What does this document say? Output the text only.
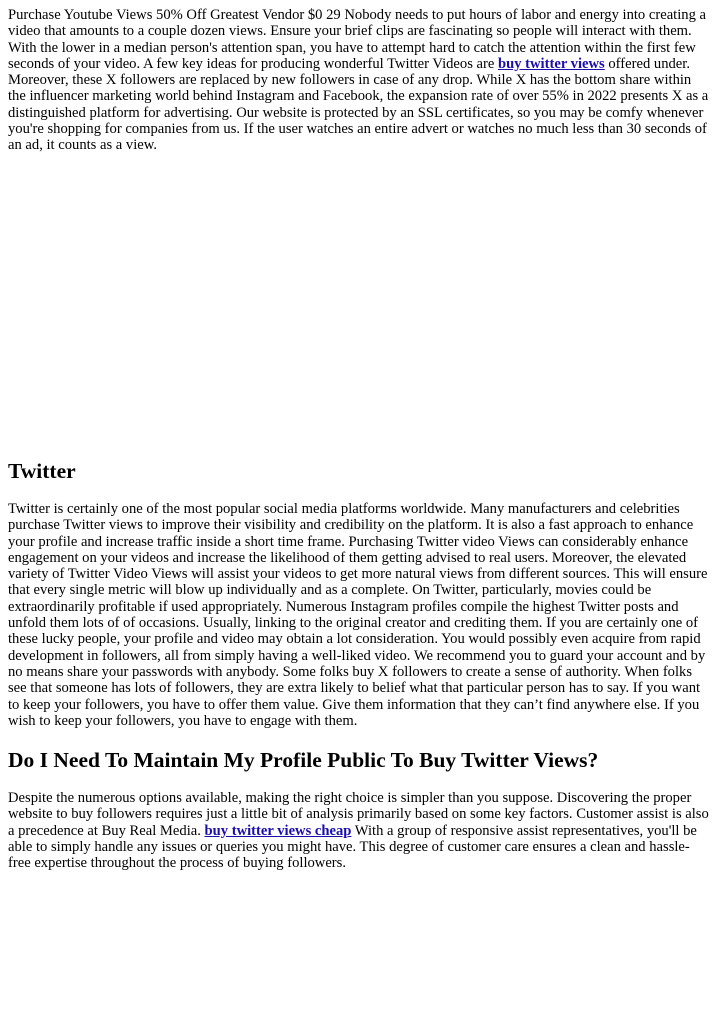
Purchase Youtube Views 50% Off Greatest Vendor $0 29 Nobody needs to put hours of labor and energy into creating a video that amounts to a couple dozen views. Ensure your brief clips are fascinating so people will interact with them. With the lower in a median person's attention span, you have to attempt hard to catch the attention within the first few seconds of your video. A few key ideas for producing wonderful Twitter Videos are buy twitter views offered under. Moreover, these X followers are replaced by new followers in case of any drop. While X has the bottom share within the influencer marketing world behind Instagram and Facebook, the expansion rate of over 55% in 2022 presents X as a distinguished platform for advertising. Our website is protected by an SSL certificates, so you may be comfy whenever you're shopping for companies from us. If the user watches an entire advert or watches no much less than 30 seconds of an ad, it counts as a view.

Twitter

Twitter is certainly one of the most popular social media platforms worldwide. Many manufacturers and celebrities purchase Twitter views to improve their visibility and credibility on the platform. It is also a fast approach to enhance your profile and increase traffic inside a short time frame. Purchasing Twitter video Views can considerably enhance engagement on your videos and increase the likelihood of them getting advised to real users. Moreover, the elevated variety of Twitter Video Views will assist your videos to get more natural views from different sources. This will ensure that every single metric will blow up individually and as a complete. On Twitter, particularly, movies could be extraordinarily profitable if used appropriately. Numerous Instagram profiles compile the highest Twitter posts and unfold them lots of of occasions. Usually, linking to the original creator and crediting them. If you are certainly one of these lucky people, your profile and video may obtain a lot consideration. You would possibly even acquire from rapid development in followers, all from simply having a well-liked video. We recommend you to guard your account and by no means share your passwords with anybody. Some folks buy X followers to create a sense of authority. When folks see that someone has lots of followers, they are extra likely to belief what that particular person has to say. If you want to keep your followers, you have to offer them value. Give them information that they can’t find anywhere else. If you wish to keep your followers, you have to engage with them.

Do I Need To Maintain My Profile Public To Buy Twitter Views?

Despite the numerous options available, making the right choice is simpler than you suppose. Discovering the proper website to buy followers requires just a little bit of analysis primarily based on some key factors. Customer assist is also a precedence at Buy Real Media. buy twitter views cheap With a group of responsive assist representatives, you'll be able to simply handle any issues or queries you might have. This degree of customer care ensures a clean and hassle-free expertise throughout the process of buying followers.
